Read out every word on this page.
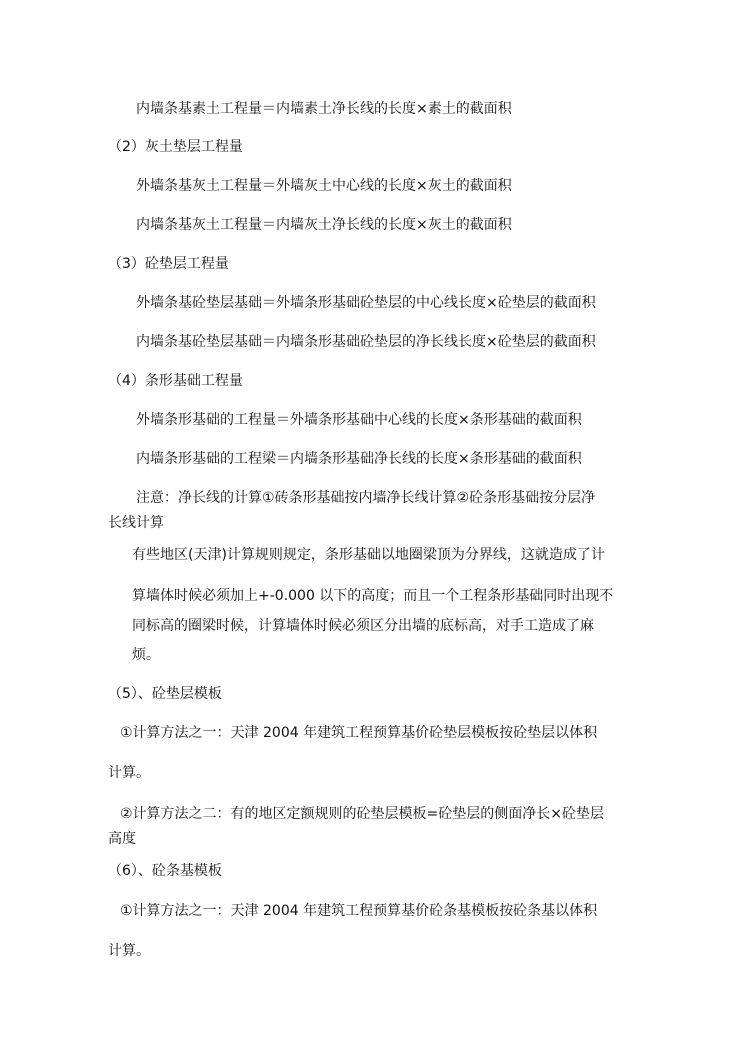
内墙条基素土工程量＝内墙素土净长线的长度×素土的截面积
（2）灰土垫层工程量
外墙条基灰土工程量＝外墙灰土中心线的长度×灰土的截面积
内墙条基灰土工程量＝内墙灰土净长线的长度×灰土的截面积
（3）砼垫层工程量
外墙条基砼垫层基础＝外墙条形基础砼垫层的中心线长度×砼垫层的截面积
内墙条基砼垫层基础＝内墙条形基础砼垫层的净长线长度×砼垫层的截面积
（4）条形基础工程量
外墙条形基础的工程量＝外墙条形基础中心线的长度×条形基础的截面积
内墙条形基础的工程梁＝内墙条形基础净长线的长度×条形基础的截面积
注意：净长线的计算①砖条形基础按内墙净长线计算②砼条形基础按分层净
长线计算
有些地区(天津)计算规则规定，条形基础以地圈梁顶为分界线，这就造成了计
算墙体时候必须加上+-0.000 以下的高度；而且一个工程条形基础同时出现不
同标高的圈梁时候，计算墙体时候必须区分出墙的底标高，对手工造成了麻
烦。
（5）、砼垫层模板
①计算方法之一：天津 2004 年建筑工程预算基价砼垫层模板按砼垫层以体积
计算。
②计算方法之二：有的地区定额规则的砼垫层模板=砼垫层的侧面净长×砼垫层
高度
（6）、砼条基模板
①计算方法之一：天津 2004 年建筑工程预算基价砼条基模板按砼条基以体积
计算。
